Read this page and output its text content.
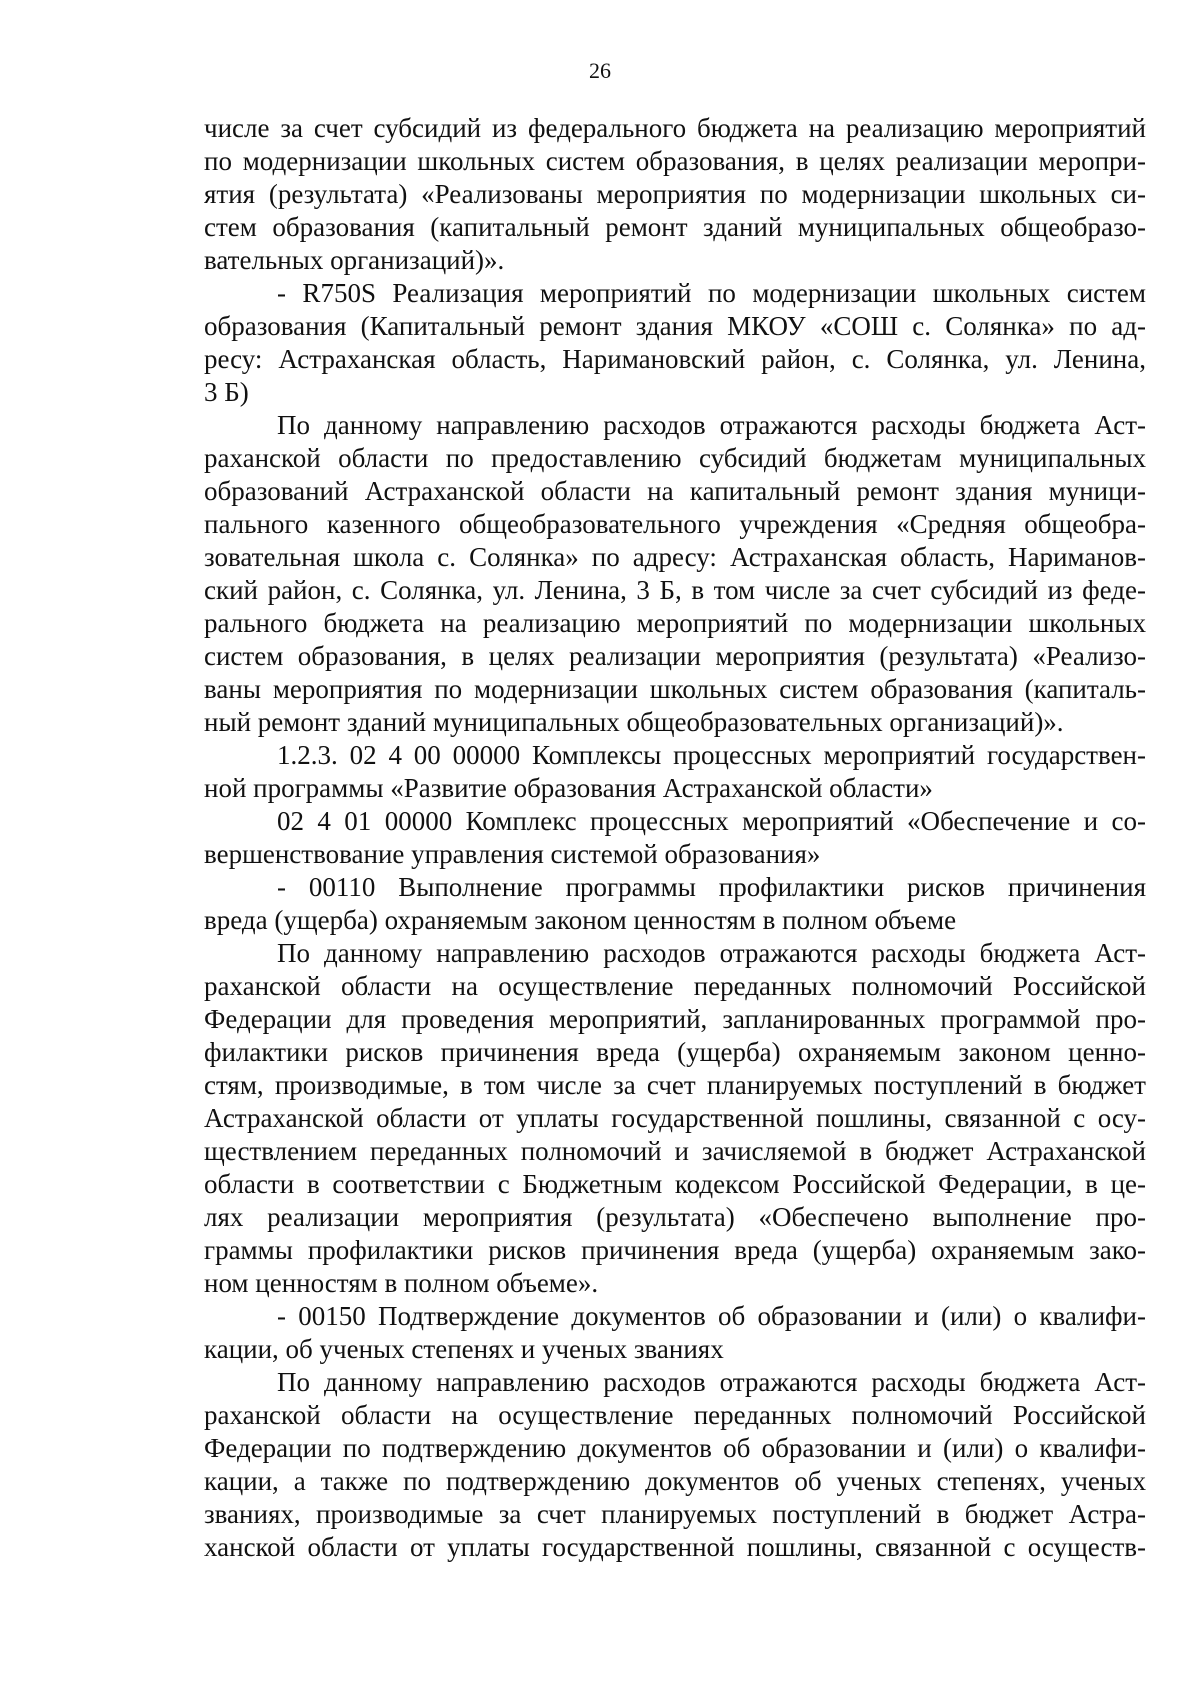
26
числе за счет субсидий из федерального бюджета на реализацию мероприятий
по модернизации школьных систем образования, в целях реализации меропри-
ятия (результата) «Реализованы мероприятия по модернизации школьных си-
стем образования (капитальный ремонт зданий муниципальных общеобразо-
вательных организаций)».
- R750S Реализация мероприятий по модернизации школьных систем
образования (Капитальный ремонт здания МКОУ «СОШ с. Солянка» по ад-
ресу: Астраханская область, Наримановский район, с. Солянка, ул. Ленина,
3 Б)
По данному направлению расходов отражаются расходы бюджета Аст-
раханской области по предоставлению субсидий бюджетам муниципальных
образований Астраханской области на капитальный ремонт здания муници-
пального казенного общеобразовательного учреждения «Средняя общеобра-
зовательная школа с. Солянка» по адресу: Астраханская область, Нариманов-
ский район, с. Солянка, ул. Ленина, 3 Б, в том числе за счет субсидий из феде-
рального бюджета на реализацию мероприятий по модернизации школьных
систем образования, в целях реализации мероприятия (результата) «Реализо-
ваны мероприятия по модернизации школьных систем образования (капиталь-
ный ремонт зданий муниципальных общеобразовательных организаций)».
1.2.3. 02 4 00 00000 Комплексы процессных мероприятий государствен-
ной программы «Развитие образования Астраханской области»
02 4 01 00000 Комплекс процессных мероприятий «Обеспечение и со-
вершенствование управления системой образования»
- 00110 Выполнение программы профилактики рисков причинения
вреда (ущерба) охраняемым законом ценностям в полном объеме
По данному направлению расходов отражаются расходы бюджета Аст-
раханской области на осуществление переданных полномочий Российской
Федерации для проведения мероприятий, запланированных программой про-
филактики рисков причинения вреда (ущерба) охраняемым законом ценно-
стям, производимые, в том числе за счет планируемых поступлений в бюджет
Астраханской области от уплаты государственной пошлины, связанной с осу-
ществлением переданных полномочий и зачисляемой в бюджет Астраханской
области в соответствии с Бюджетным кодексом Российской Федерации, в це-
лях реализации мероприятия (результата) «Обеспечено выполнение про-
граммы профилактики рисков причинения вреда (ущерба) охраняемым зако-
ном ценностям в полном объеме».
- 00150 Подтверждение документов об образовании и (или) о квалифи-
кации, об ученых степенях и ученых званиях
По данному направлению расходов отражаются расходы бюджета Аст-
раханской области на осуществление переданных полномочий Российской
Федерации по подтверждению документов об образовании и (или) о квалифи-
кации, а также по подтверждению документов об ученых степенях, ученых
званиях, производимые за счет планируемых поступлений в бюджет Астра-
ханской области от уплаты государственной пошлины, связанной с осуществ-
